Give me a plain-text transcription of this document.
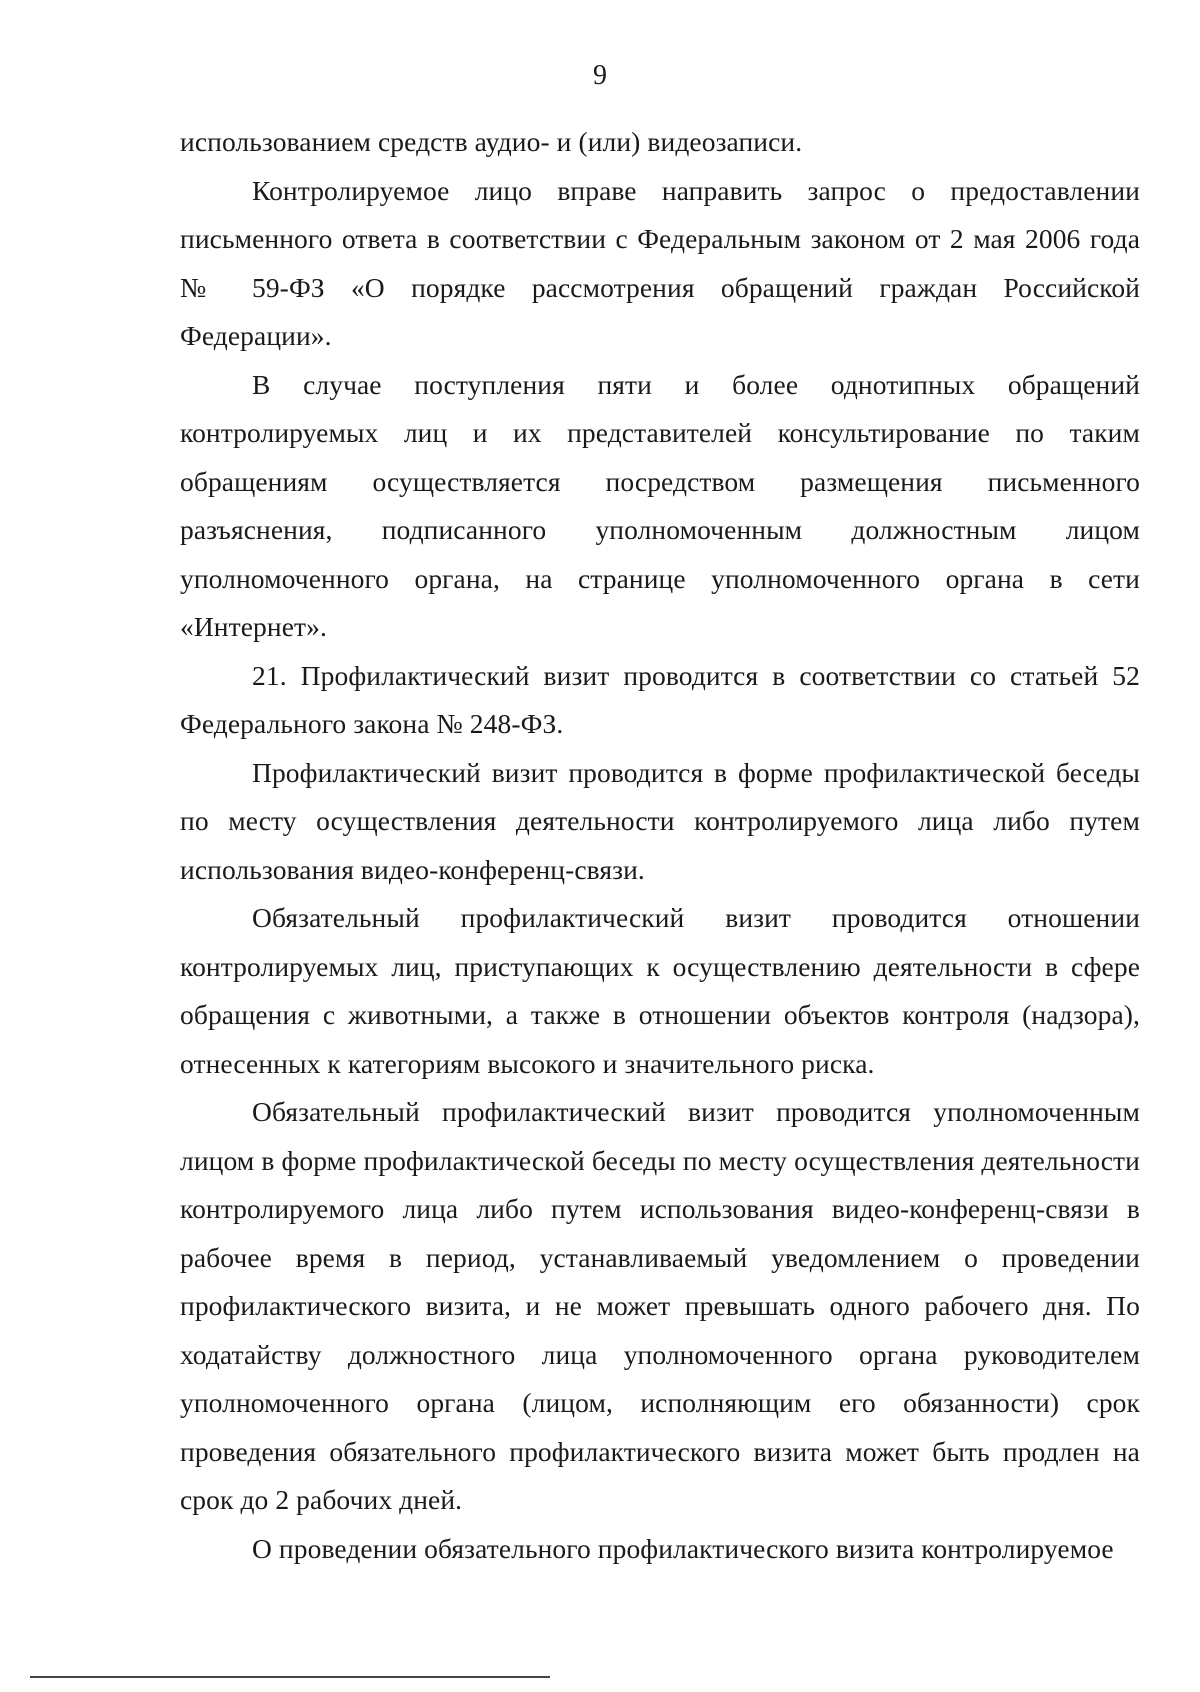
9

использованием средств аудио- и (или) видеозаписи.

Контролируемое лицо вправе направить запрос о предоставлении письменного ответа в соответствии с Федеральным законом от 2 мая 2006 года № 59-ФЗ «О порядке рассмотрения обращений граждан Российской Федерации».

В случае поступления пяти и более однотипных обращений контролируемых лиц и их представителей консультирование по таким обращениям осуществляется посредством размещения письменного разъяснения, подписанного уполномоченным должностным лицом уполномоченного органа, на странице уполномоченного органа в сети «Интернет».

21. Профилактический визит проводится в соответствии со статьей 52 Федерального закона № 248-ФЗ.

Профилактический визит проводится в форме профилактической беседы по месту осуществления деятельности контролируемого лица либо путем использования видео-конференц-связи.

Обязательный профилактический визит проводится отношении контролируемых лиц, приступающих к осуществлению деятельности в сфере обращения с животными, а также в отношении объектов контроля (надзора), отнесенных к категориям высокого и значительного риска.

Обязательный профилактический визит проводится уполномоченным лицом в форме профилактической беседы по месту осуществления деятельности контролируемого лица либо путем использования видео-конференц-связи в рабочее время в период, устанавливаемый уведомлением о проведении профилактического визита, и не может превышать одного рабочего дня. По ходатайству должностного лица уполномоченного органа руководителем уполномоченного органа (лицом, исполняющим его обязанности) срок проведения обязательного профилактического визита может быть продлен на срок до 2 рабочих дней.

О проведении обязательного профилактического визита контролируемое
